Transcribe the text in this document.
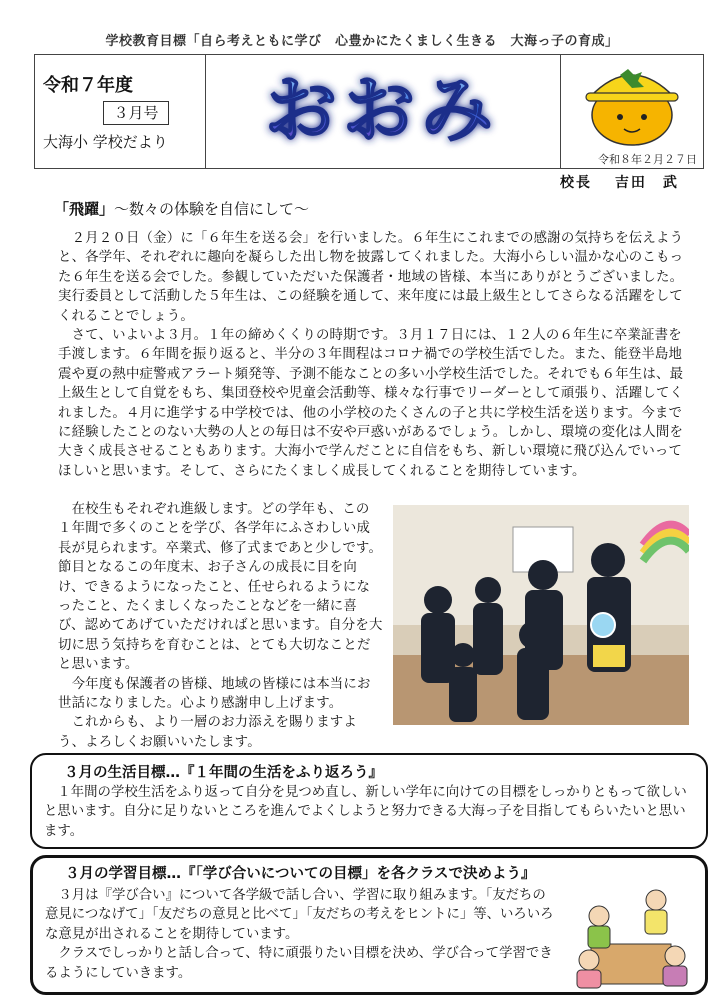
学校教育目標「自ら考えともに学び　心豊かにたくましく生きる　大海っ子の育成」
令和７年度
３月号
大海小 学校だより おおみ
令和８年２月２７日
校長　 吉田　武
「飛躍」～数々の体験を自信にして～
　２月２０日（金）に「６年生を送る会」を行いました。６年生にこれまでの感謝の気持ちを伝えようと、各学年、それぞれに趣向を凝らした出し物を披露してくれました。大海小らしい温かな心のこもった６年生を送る会でした。参観していただいた保護者・地域の皆様、本当にありがとうございました。実行委員として活動した５年生は、この経験を通して、来年度には最上級生としてさらなる活躍をしてくれることでしょう。
　さて、いよいよ３月。１年の締めくくりの時期です。３月１７日には、１２人の６年生に卒業証書を手渡します。６年間を振り返ると、半分の３年間程はコロナ禍での学校生活でした。また、能登半島地震や夏の熱中症警戒アラート頻発等、予測不能なことの多い小学校生活でした。それでも６年生は、最上級生として自覚をもち、集団登校や児童会活動等、様々な行事でリーダーとして頑張り、活躍してくれました。４月に進学する中学校では、他の小学校のたくさんの子と共に学校生活を送ります。今までに経験したことのない大勢の人との毎日は不安や戸惑いがあるでしょう。しかし、環境の変化は人間を大きく成長させることもあります。大海小で学んだことに自信をもち、新しい環境に飛び込んでいってほしいと思います。そして、さらにたくましく成長してくれることを期待しています。
　在校生もそれぞれ進級します。どの学年も、この１年間で多くのことを学び、各学年にふさわしい成長が見られます。卒業式、修了式まであと少しです。節目となるこの年度末、お子さんの成長に目を向け、できるようになったこと、任せられるようになったこと、たくましくなったことなどを一緒に喜び、認めてあげていただければと思います。自分を大切に思う気持ちを育むことは、とても大切なことだと思います。
　今年度も保護者の皆様、地域の皆様には本当にお世話になりました。心より感謝申し上げます。
　これからも、より一層のお力添えを賜りますよう、よろしくお願いいたします。
３月の生活目標…『１年間の生活をふり返ろう』
　１年間の学校生活をふり返って自分を見つめ直し、新しい学年に向けての目標をしっかりともって欲しいと思います。自分に足りないところを進んでよくしようと努力できる大海っ子を目指してもらいたいと思います。
３月の学習目標…『「学び合いについての目標」を各クラスで決めよう』
　３月は『学び合い』について各学級で話し合い、学習に取り組みます。「友だちの意見につなげて」「友だちの意見と比べて」「友だちの考えをヒントに」等、いろいろな意見が出されることを期待しています。
　クラスでしっかりと話し合って、特に頑張りたい目標を決め、学び合って学習できるようにしていきます。
